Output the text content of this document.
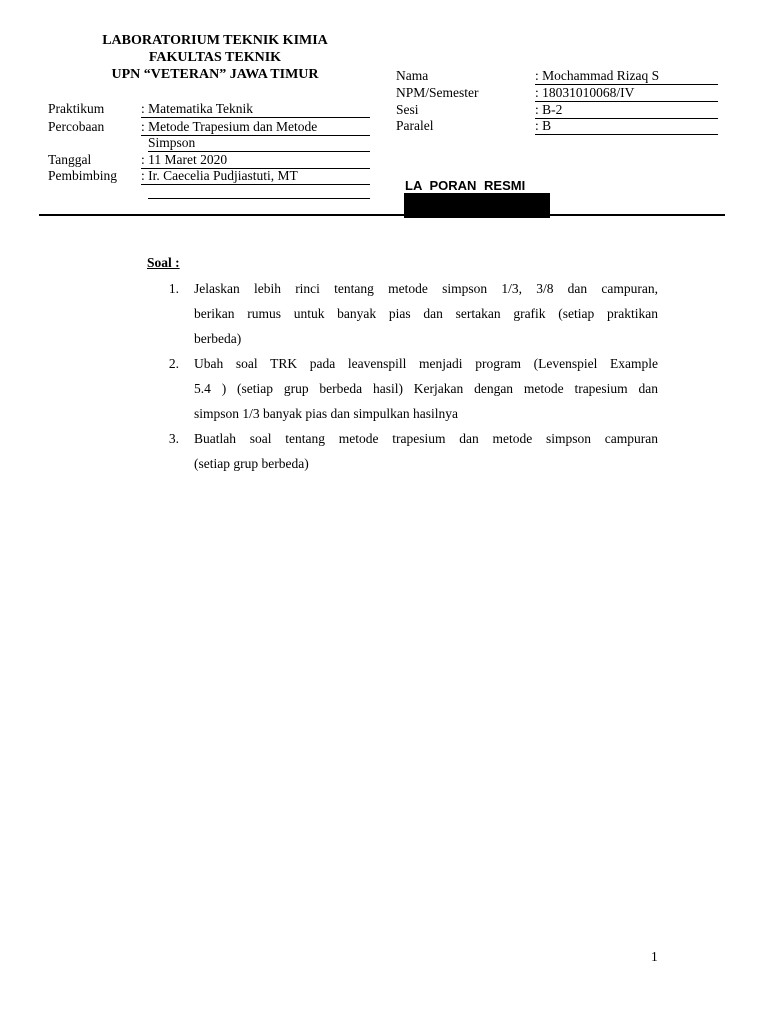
LABORATORIUM TEKNIK KIMIA
FAKULTAS TEKNIK
UPN “VETERAN” JAWA TIMUR
Praktikum	: Matematika Teknik
Percobaan	: Metode Trapesium dan Metode
Simpson
Tanggal	: 11 Maret 2020
Pembimbing : Ir. Caecelia Pudjiastuti, MT
Nama	: Mochammad Rizaq S
NPM/Semester	: 18031010068/IV
Sesi	: B-2
Paralel	: B
LA PORAN RESMI
Soal :
1. Jelaskan lebih rinci tentang metode simpson 1/3, 3/8 dan campuran,
berikan rumus untuk banyak pias dan sertakan grafik (setiap praktikan
berbeda)
2. Ubah soal TRK pada leavenspill menjadi program (Levenspiel Example
5.4 ) (setiap grup berbeda hasil) Kerjakan dengan metode trapesium dan
simpson 1/3 banyak pias dan simpulkan hasilnya
3. Buatlah soal tentang metode trapesium dan metode simpson campuran
(setiap grup berbeda)
1
